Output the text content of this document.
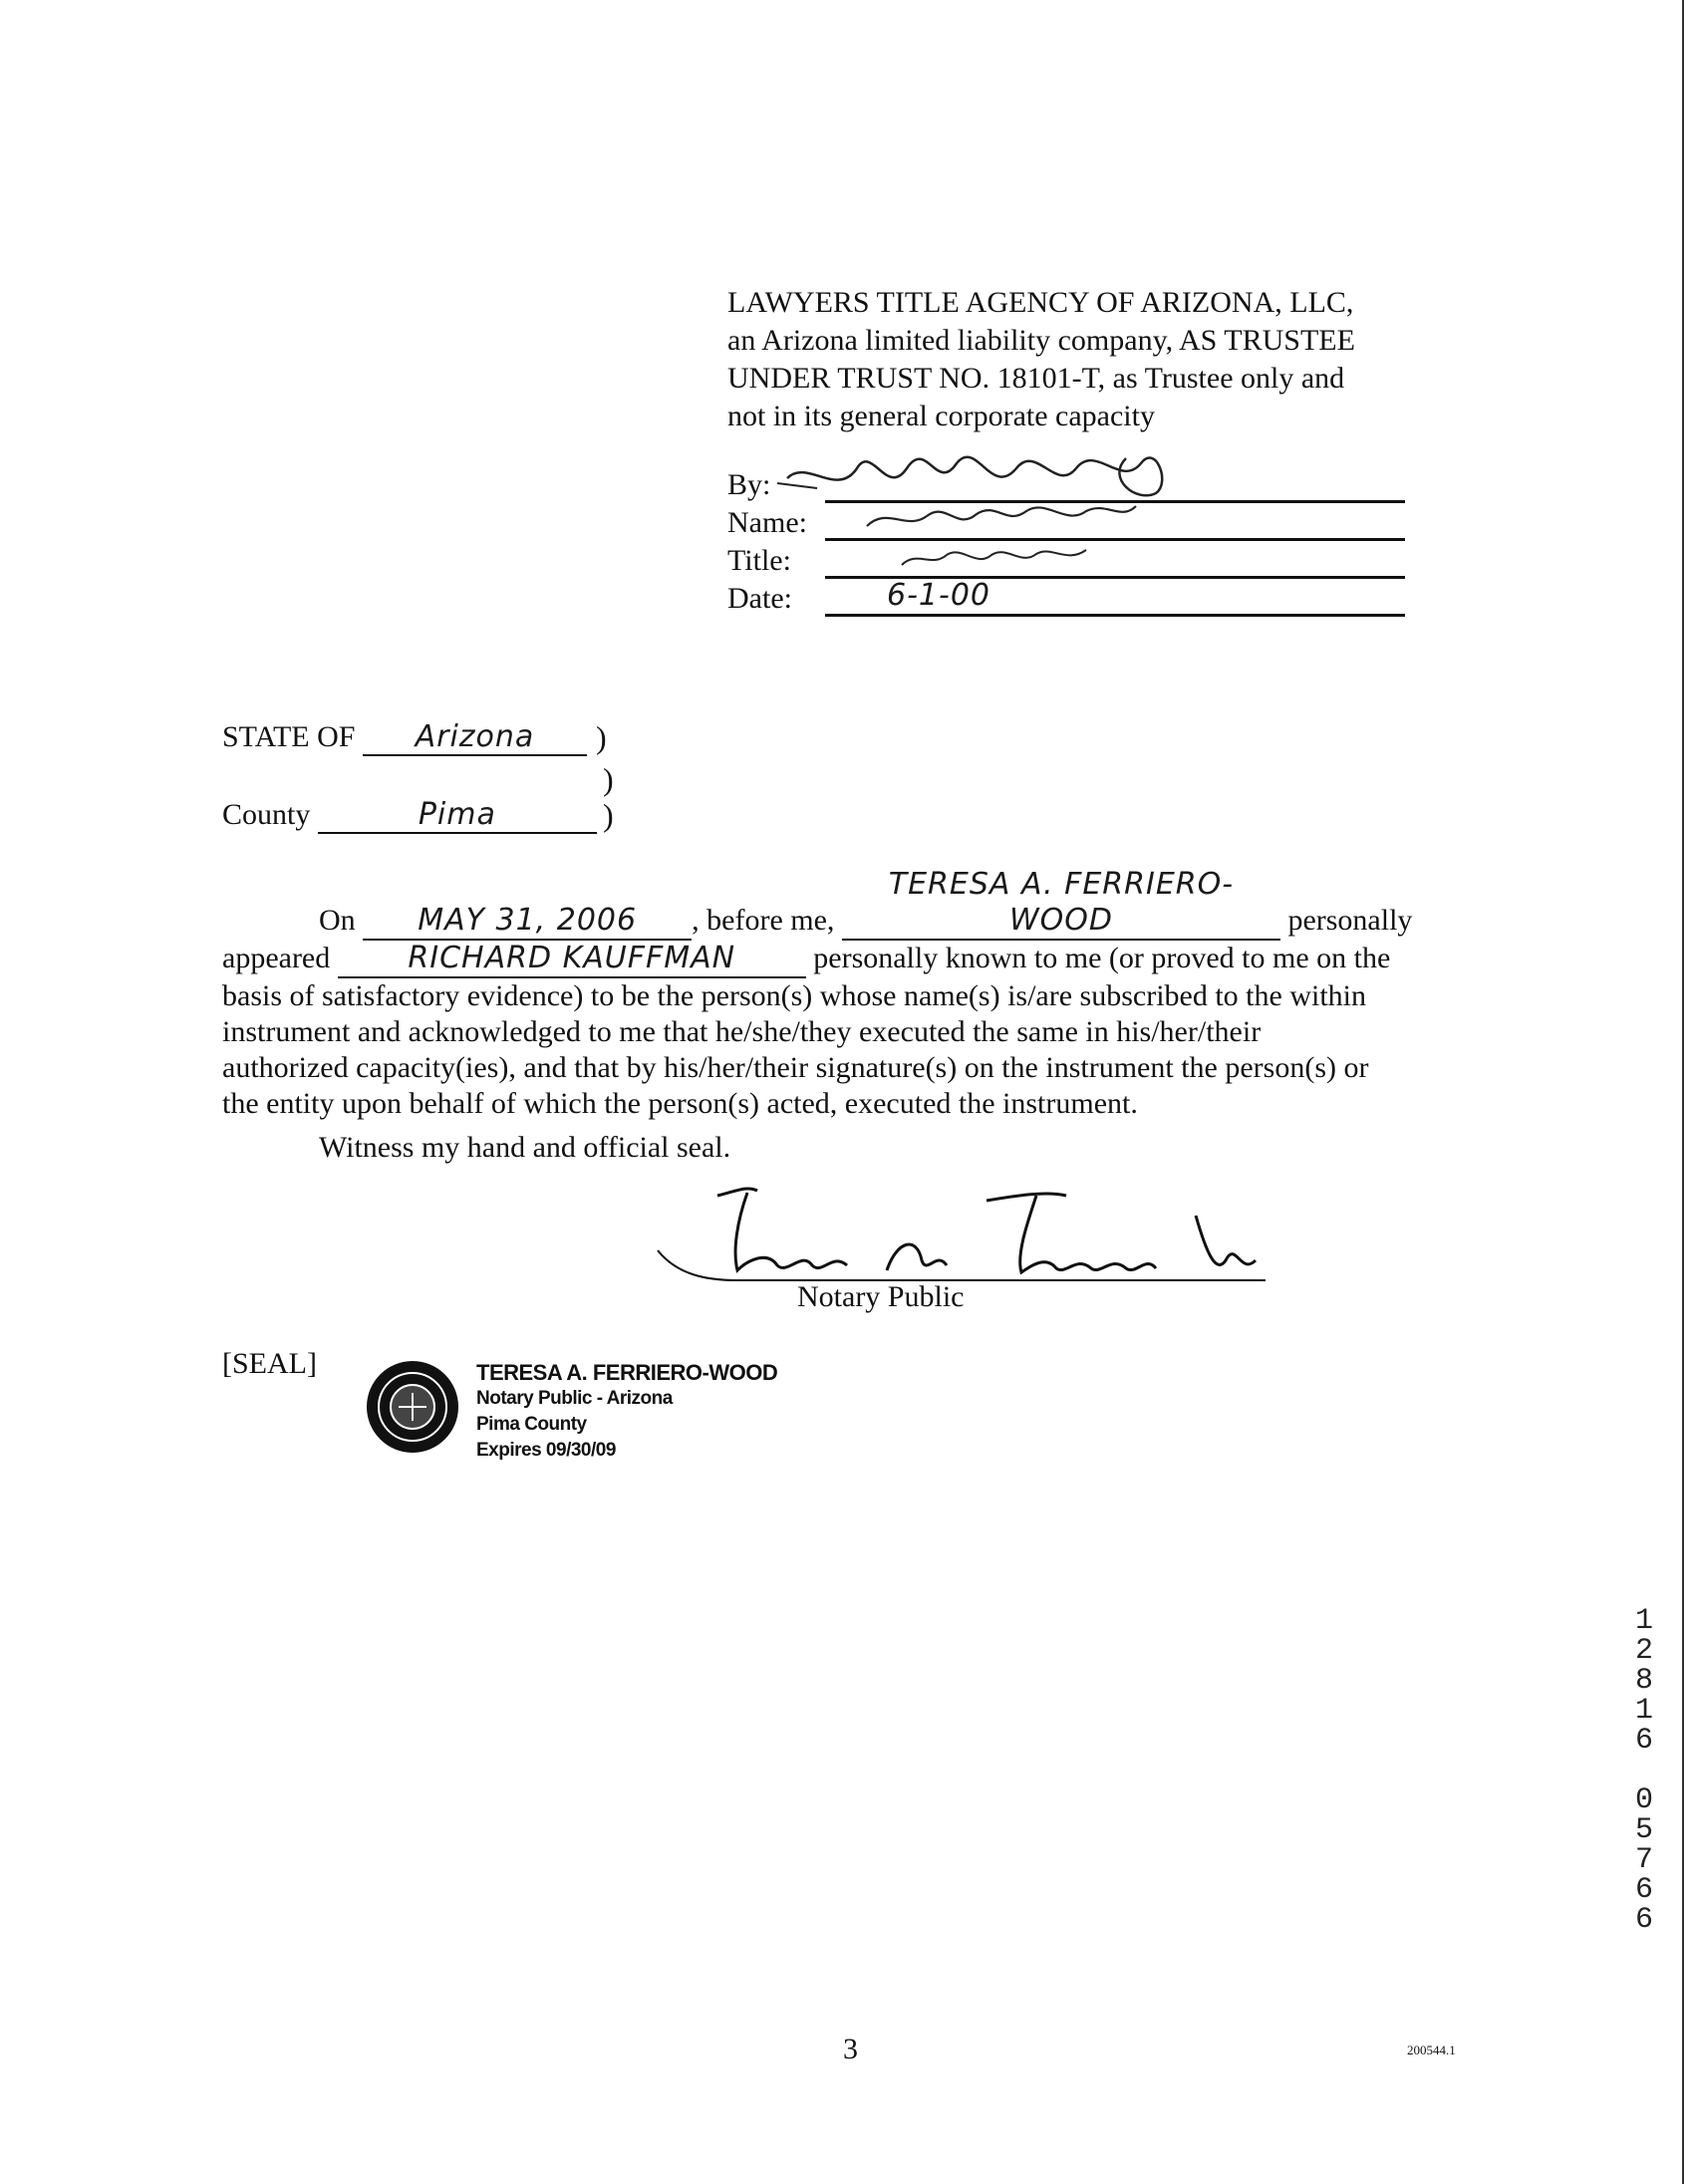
LAWYERS TITLE AGENCY OF ARIZONA, LLC,
an Arizona limited liability company, AS TRUSTEE
UNDER TRUST NO. 18101-T, as Trustee only and
not in its general corporate capacity
By:
Name:
Title:
Date:	6-1-00
STATE OF Arizona	)
)
County	Pima	)
On MAY 31, 2006 , before me, TERESA A. FERRIERO-WOOD	personally
appeared	RICHARD KAUFFMAN	personally known to me (or proved to me on the
basis of satisfactory evidence) to be the person(s) whose name(s) is/are subscribed to the within
instrument and acknowledged to me that he/she/they executed the same in his/her/their
authorized capacity(ies), and that by his/her/their signature(s) on the instrument the person(s) or
the entity upon behalf of which the person(s) acted, executed the instrument.
Witness my hand and official seal.
Notary Public
[SEAL]	TERESA A. FERRIERO-WOOD
Notary Public - Arizona
Pima County
Expires 09/30/09
1
2
8
1
6

0
5
7
6
6
3	200544.1
